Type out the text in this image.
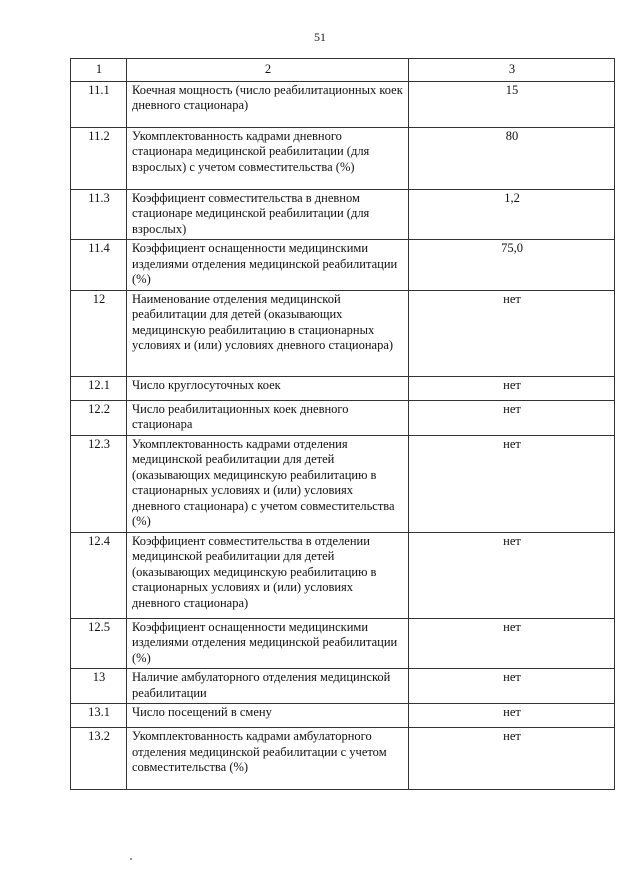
51
1	2	3
11.1	Коечная мощность (число реабилитационных коек дневного стационара)	15
11.2	Укомплектованность кадрами дневного стационара медицинской реабилитации (для взрослых) с учетом совместительства (%)	80
11.3	Коэффициент совместительства в дневном стационаре медицинской реабилитации (для взрослых)	1,2
11.4	Коэффициент оснащенности медицинскими изделиями отделения медицинской реабилитации (%)	75,0
12	Наименование отделения медицинской реабилитации для детей (оказывающих медицинскую реабилитацию в стационарных условиях и (или) условиях дневного стационара)	нет
12.1	Число круглосуточных коек	нет
12.2	Число реабилитационных коек дневного стационара	нет
12.3	Укомплектованность кадрами отделения медицинской реабилитации для детей (оказывающих медицинскую реабилитацию в стационарных условиях и (или) условиях дневного стационара) с учетом совместительства (%)	нет
12.4	Коэффициент совместительства в отделении медицинской реабилитации для детей (оказывающих медицинскую реабилитацию в стационарных условиях и (или) условиях дневного стационара)	нет
12.5	Коэффициент оснащенности медицинскими изделиями отделения медицинской реабилитации (%)	нет
13	Наличие амбулаторного отделения медицинской реабилитации	нет
13.1	Число посещений в смену	нет
13.2	Укомплектованность кадрами амбулаторного отделения медицинской реабилитации с учетом совместительства (%)	нет
